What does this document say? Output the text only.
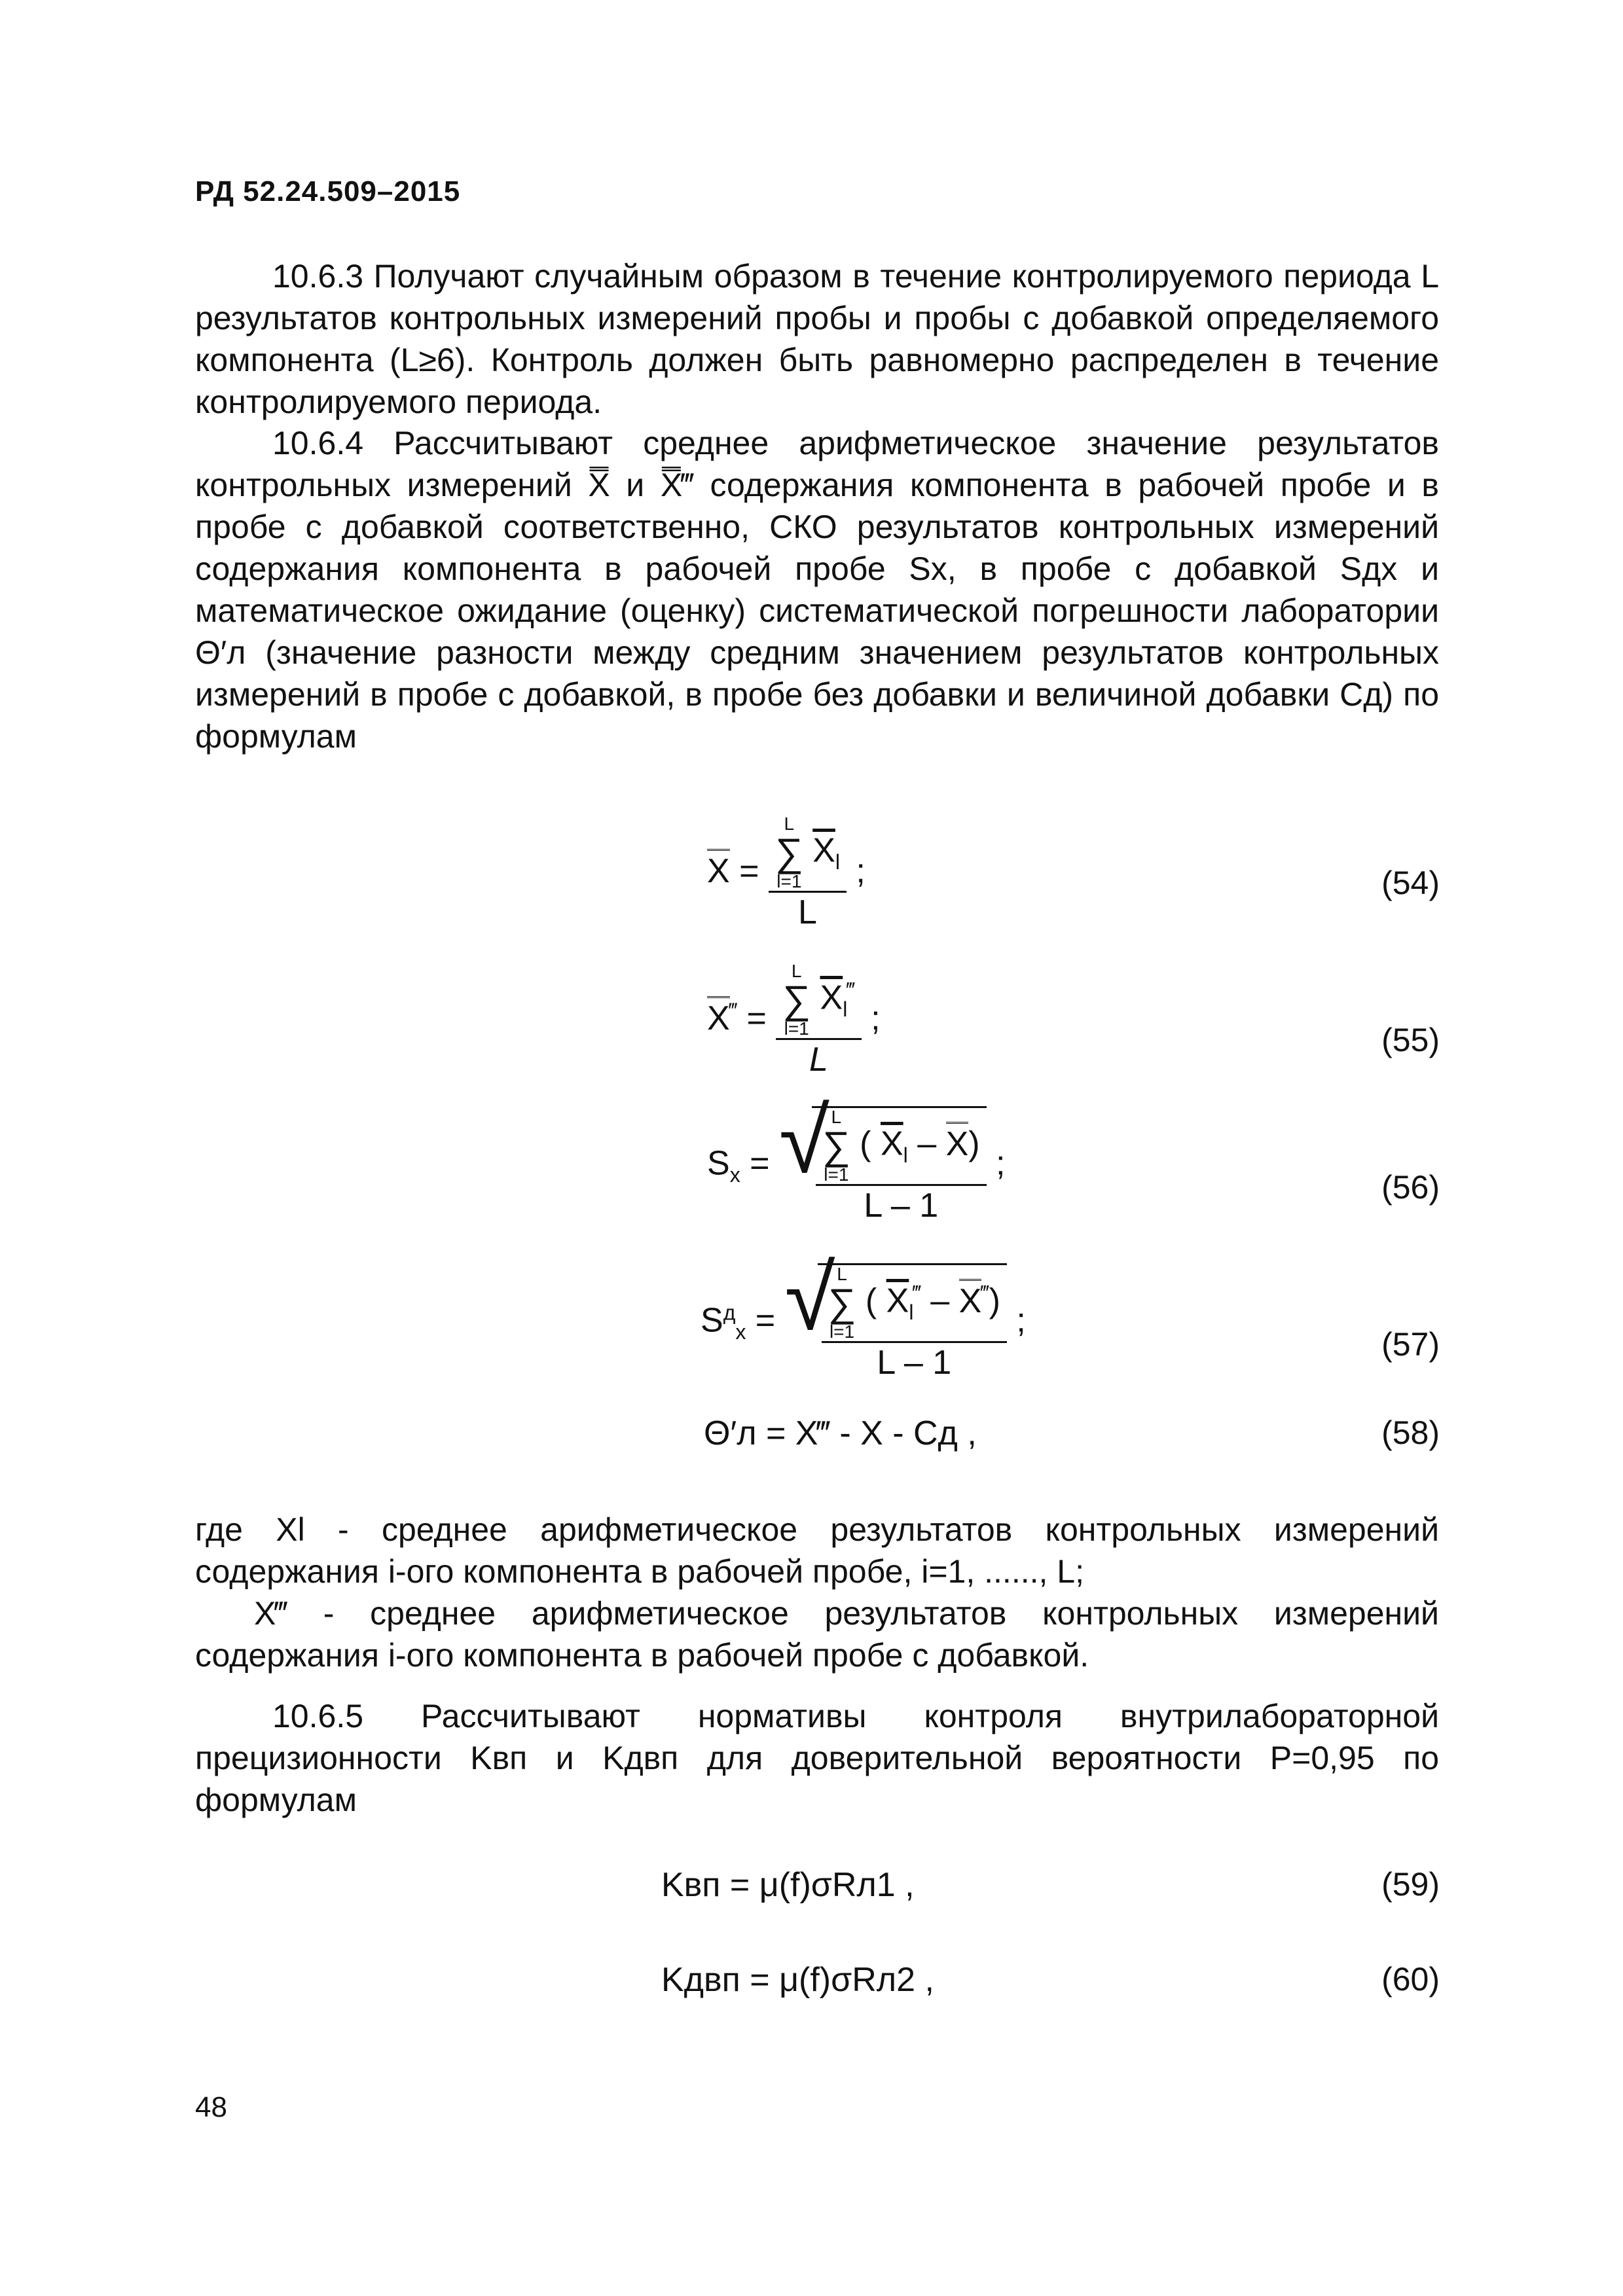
РД 52.24.509–2015

10.6.3 Получают случайным образом в течение контролируемого периода L результатов контрольных измерений пробы и пробы с добавкой определяемого компонента (L≥6). Контроль должен быть равномерно распределен в течение контролируемого периода.

10.6.4 Рассчитывают среднее арифметическое значение результатов контрольных измерений X̿ и X̿‴ содержания компонента в рабочей пробе и в пробе с добавкой соответственно, СКО результатов контрольных измерений содержания компонента в рабочей пробе Sx, в пробе с добавкой Sдx и математическое ожидание (оценку) систематической погрешности лаборатории Θ′л (значение разности между средним значением результатов контрольных измерений в пробе с добавкой, в пробе без добавки и величиной добавки Cд) по формулам

X = L
∑
l=1
$\overline{X}_l$
L ;	(54)
X‴ = L
∑
l=1
$\overline{X}_l^‴$
L ;
(55)
$S_x$ = √ L
∑
l=1
( $\overline{X}_l - X$)
L – 1 ;
(56)
$S^д_x$ = √ L
∑
l=1
( $\overline{X}_l^‴ - X^‴$)
L – 1 ;
(57)
Θ′л = X‴ - X - Cд ,	(58)

где Xl - среднее арифметическое результатов контрольных измерений содержания i-ого компонента в рабочей пробе, i=1, ......, L;

X‴ - среднее арифметическое результатов контрольных измерений содержания i-ого компонента в рабочей пробе с добавкой.

10.6.5 Рассчитывают нормативы контроля внутрилабораторной прецизионности Kвп и Kдвп для доверительной вероятности P=0,95 по формулам

Kвп = μ(f)σRл1 ,	(59)
Kдвп = μ(f)σRл2 ,	(60)
48
